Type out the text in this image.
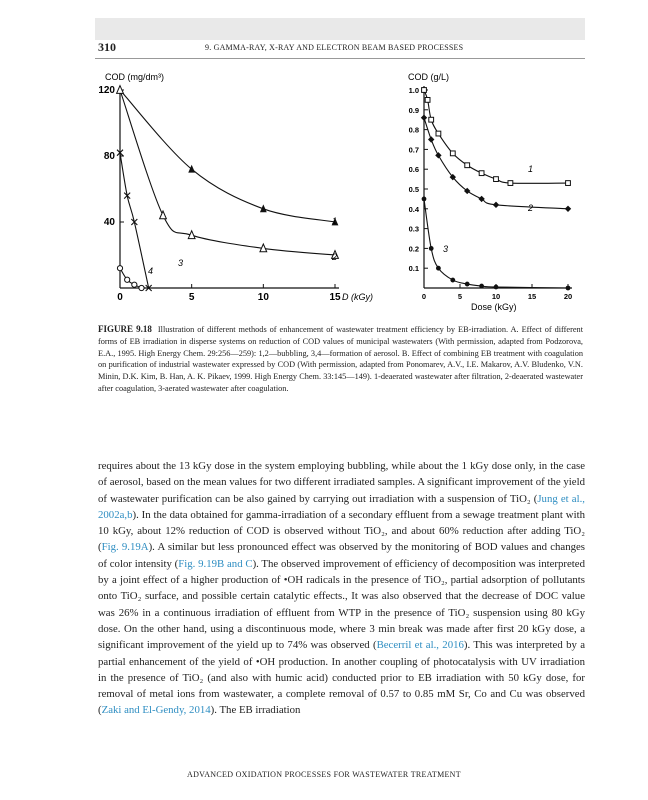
310	9. GAMMA-RAY, X-RAY AND ELECTRON BEAM BASED PROCESSES
COD (mg/dm³)
D (kGy)
120
80
40
0	5	10	15
1
2
3
4
COD (g/L)
Dose (kGy)
1.0
0.9
0.8
0.7
0.6
0.5
0.4
0.3
0.2
0.1
0	5	10	15	20
1
2
3
FIGURE 9.18 Illustration of different methods of enhancement of wastewater treatment efficiency by EB-irradiation. A. Effect of different forms of EB irradiation in disperse systems on reduction of COD values of municipal wastewaters (With permission, adapted from Podzorova, E.A., 1995. High Energy Chem. 29:256—259): 1,2—bubbling, 3,4—formation of aerosol. B. Effect of combining EB treatment with coagulation on purification of industrial wastewater expressed by COD (With permission, adapted from Ponomarev, A.V., I.E. Makarov, A.V. Bludenko, V.N. Minin, D.K. Kim, B. Han, A. K. Pikaev, 1999. High Energy Chem. 33:145—149). 1-deaerated wastewater after filtration, 2-deaerated wastewater after coagulation, 3-aerated wastewater after coagulation.

requires about the 13 kGy dose in the system employing bubbling, while about the 1 kGy dose only, in the case of aerosol, based on the mean values for two different irradiated samples. A significant improvement of the yield of wastewater purification can be also gained by carrying out irradiation with a suspension of TiO₂ (Jung et al., 2002a,b). In the data obtained for gamma-irradiation of a secondary effluent from a sewage treatment plant with 10 kGy, about 12% reduction of COD is observed without TiO₂, and about 60% reduction after adding TiO₂ (Fig. 9.19A). A similar but less pronounced effect was observed by the monitoring of BOD values and changes of color intensity (Fig. 9.19B and C). The observed improvement of efficiency of decomposition was interpreted by a joint effect of a higher production of •OH radicals in the presence of TiO₂, partial adsorption of pollutants onto TiO₂ surface, and possible certain catalytic effects., It was also observed that the decrease of DOC value was 26% in a continuous irradiation of effluent from WTP in the presence of TiO₂ suspension using 80 kGy dose. On the other hand, using a discontinuous mode, where 3 min break was made after first 20 kGy dose, a significant improvement of the yield up to 74% was observed (Becerril et al., 2016). This was interpreted by a partial enhancement of the yield of •OH production. In another coupling of photocatalysis with UV irradiation in the presence of TiO₂ (and also with humic acid) conducted prior to EB irradiation with 50 kGy dose, for removal of metal ions from wastewater, a complete removal of 0.57 to 0.85 mM Sr, Co and Cu was observed (Zaki and El-Gendy, 2014). The EB irradiation

ADVANCED OXIDATION PROCESSES FOR WASTEWATER TREATMENT
